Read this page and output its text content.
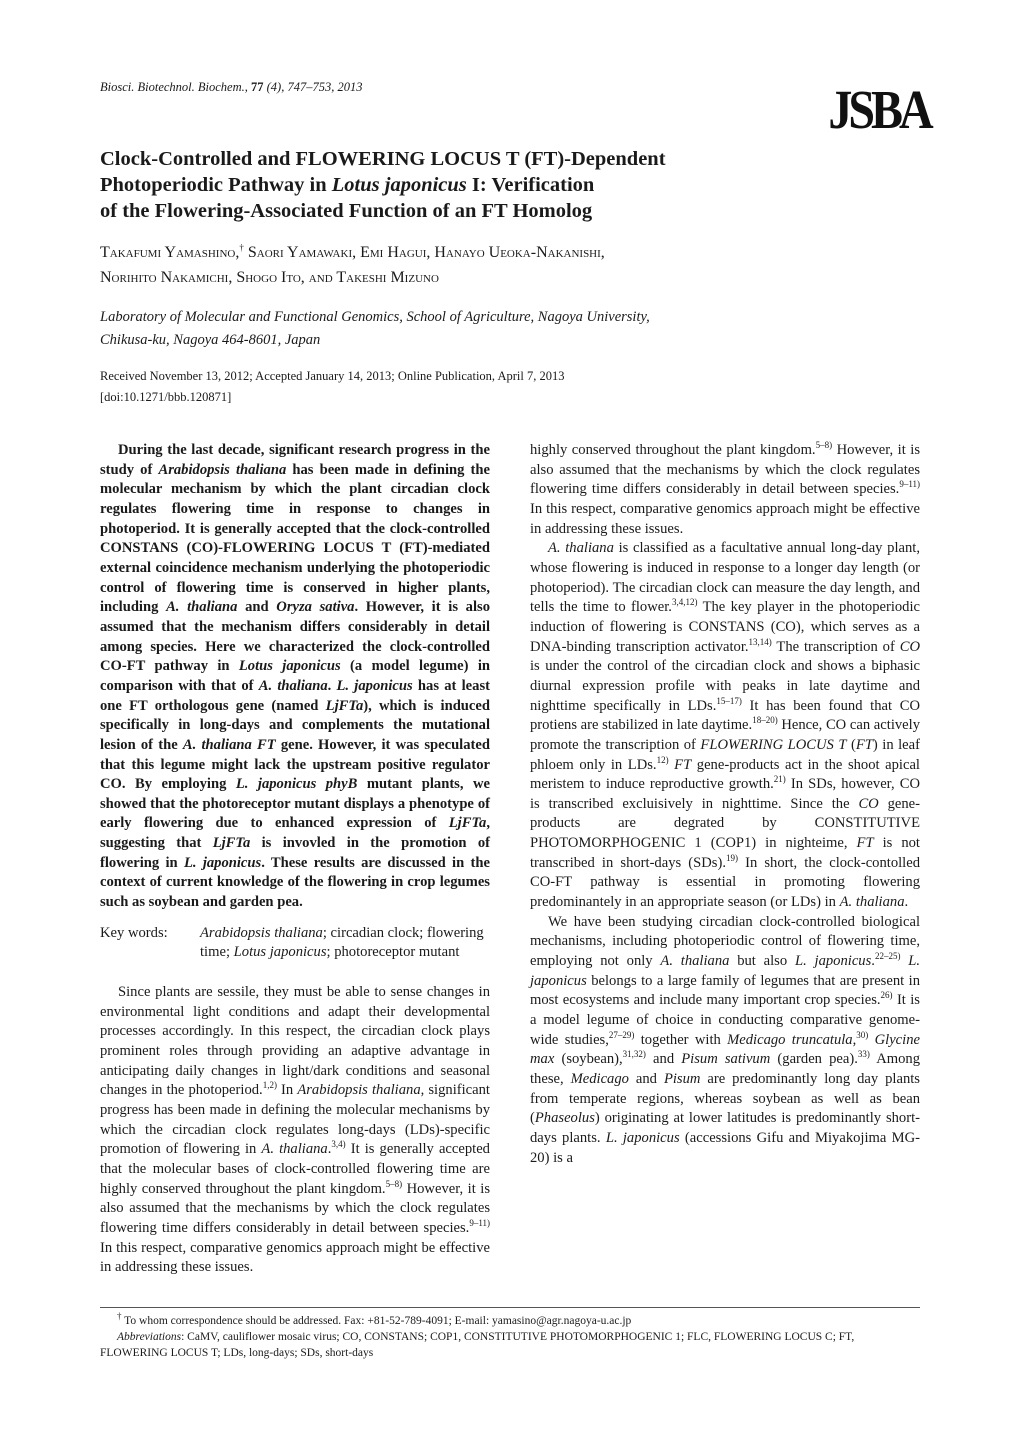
Biosci. Biotechnol. Biochem., 77 (4), 747–753, 2013	JSBA
Clock-Controlled and FLOWERING LOCUS T (FT)-Dependent
Photoperiodic Pathway in Lotus japonicus I: Verification
of the Flowering-Associated Function of an FT Homolog
Takafumi Yamashino,† Saori Yamawaki, Emi Hagui, Hanayo Ueoka-Nakanishi,
Norihito Nakamichi, Shogo Ito, and Takeshi Mizuno
Laboratory of Molecular and Functional Genomics, School of Agriculture, Nagoya University,
Chikusa-ku, Nagoya 464-8601, Japan
Received November 13, 2012; Accepted January 14, 2013; Online Publication, April 7, 2013
[doi:10.1271/bbb.120871]

During the last decade, significant research progress in the study of Arabidopsis thaliana has been made in defining the molecular mechanism by which the plant circadian clock regulates flowering time in response to changes in photoperiod. It is generally accepted that the clock-controlled CONSTANS (CO)-FLOWERING LOCUS T (FT)-mediated external coincidence mechanism underlying the photoperiodic control of flowering time is conserved in higher plants, including A. thaliana and Oryza sativa. However, it is also assumed that the mechanism differs considerably in detail among species. Here we characterized the clock-controlled CO-FT pathway in Lotus japonicus (a model legume) in comparison with that of A. thaliana. L. japonicus has at least one FT orthologous gene (named LjFTa), which is induced specifically in long-days and complements the mutational lesion of the A. thaliana FT gene. However, it was speculated that this legume might lack the upstream positive regulator CO. By employing L. japonicus phyB mutant plants, we showed that the photoreceptor mutant displays a phenotype of early flowering due to enhanced expression of LjFTa, suggesting that LjFTa is invovled in the promotion of flowering in L. japonicus. These results are discussed in the context of current knowledge of the flowering in crop legumes such as soybean and garden pea.

Key words:	Arabidopsis thaliana; circadian clock; flowering time; Lotus japonicus; photoreceptor mutant

Since plants are sessile, they must be able to sense changes in environmental light conditions and adapt their developmental processes accordingly. In this respect, the circadian clock plays prominent roles through providing an adaptive advantage in anticipating daily changes in light/dark conditions and seasonal changes in the photoperiod.$^{1,2)}$ In Arabidopsis thaliana, significant progress has been made in defining the molecular mechanisms by which the circadian clock regulates long-days (LDs)-specific promotion of flowering in A. thaliana.$^{3,4)}$ It is generally accepted that the molecular bases of clock-controlled flowering time are highly conserved throughout the plant kingdom.$^{5-8)}$ However, it is also assumed that the mechanisms by which the clock regulates flowering time differs considerably in detail between species.$^{9-11)}$ In this respect, comparative genomics approach might be effective in addressing these issues.

highly conserved throughout the plant kingdom.$^{5-8)}$ However, it is also assumed that the mechanisms by which the clock regulates flowering time differs considerably in detail between species.$^{9-11)}$ In this respect, comparative genomics approach might be effective in addressing these issues.

A. thaliana is classified as a facultative annual long-day plant, whose flowering is induced in response to a longer day length (or photoperiod). The circadian clock can measure the day length, and tells the time to flower.$^{3,4,12)}$ The key player in the photoperiodic induction of flowering is CONSTANS (CO), which serves as a DNA-binding transcription activator.$^{13,14)}$ The transcription of CO is under the control of the circadian clock and shows a biphasic diurnal expression profile with peaks in late daytime and nighttime specifically in LDs.$^{15-17)}$ It has been found that CO protiens are stabilized in late daytime.$^{18-20)}$ Hence, CO can actively promote the transcription of FLOWERING LOCUS T (FT) in leaf phloem only in LDs.$^{12)}$ FT gene-products act in the shoot apical meristem to induce reproductive growth.$^{21)}$ In SDs, however, CO is transcribed excluisively in nighttime. Since the CO gene-products are degrated by CONSTITUTIVE PHOTOMORPHOGENIC 1 (COP1) in nighteime, FT is not transcribed in short-days (SDs).$^{19)}$ In short, the clock-contolled CO-FT pathway is essential in promoting flowering predominantely in an appropriate season (or LDs) in A. thaliana.

We have been studying circadian clock-controlled biological mechanisms, including photoperiodic control of flowering time, employing not only A. thaliana but also L. japonicus.$^{22-25)}$ L. japonicus belongs to a large family of legumes that are present in most ecosystems and include many important crop species.$^{26)}$ It is a model legume of choice in conducting comparative genome-wide studies,$^{27-29)}$ together with Medicago truncatula,$^{30)}$ Glycine max (soybean),$^{31,32)}$ and Pisum sativum (garden pea).$^{33)}$ Among these, Medicago and Pisum are predominantly long day plants from temperate regions, whereas soybean as well as bean (Phaseolus) originating at lower latitudes is predominantly short-days plants. L. japonicus (accessions Gifu and Miyakojima MG-20) is a

† To whom correspondence should be addressed. Fax: +81-52-789-4091; E-mail: yamasino@agr.nagoya-u.ac.jp

Abbreviations: CaMV, cauliflower mosaic virus; CO, CONSTANS; COP1, CONSTITUTIVE PHOTOMORPHOGENIC 1; FLC, FLOWERING LOCUS C; FT, FLOWERING LOCUS T; LDs, long-days; SDs, short-days
